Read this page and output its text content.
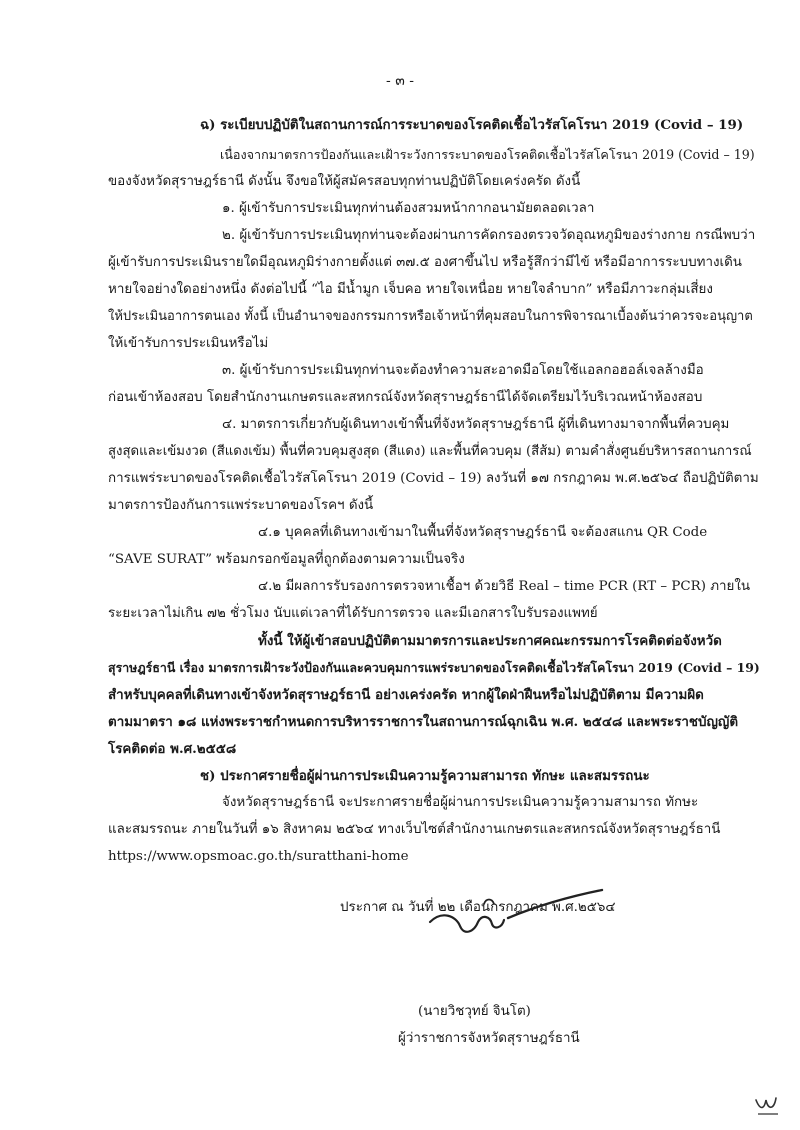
- ๓ -
ฉ) ระเบียบปฏิบัติในสถานการณ์การระบาดของโรคติดเชื้อไวรัสโคโรนา 2019 (Covid – 19)
เนื่องจากมาตรการป้องกันและเฝ้าระวังการระบาดของโรคติดเชื้อไวรัสโคโรนา 2019 (Covid – 19)
ของจังหวัดสุราษฎร์ธานี ดังนั้น จึงขอให้ผู้สมัครสอบทุกท่านปฏิบัติโดยเคร่งครัด ดังนี้
๑. ผู้เข้ารับการประเมินทุกท่านต้องสวมหน้ากากอนามัยตลอดเวลา
๒. ผู้เข้ารับการประเมินทุกท่านจะต้องผ่านการคัดกรองตรวจวัดอุณหภูมิของร่างกาย กรณีพบว่า
ผู้เข้ารับการประเมินรายใดมีอุณหภูมิร่างกายตั้งแต่ ๓๗.๕ องศาขึ้นไป หรือรู้สึกว่ามีไข้ หรือมีอาการระบบทางเดิน
หายใจอย่างใดอย่างหนึ่ง ดังต่อไปนี้ “ไอ มีน้ำมูก เจ็บคอ หายใจเหนื่อย หายใจลำบาก” หรือมีภาวะกลุ่มเสี่ยง
ให้ประเมินอาการตนเอง ทั้งนี้ เป็นอำนาจของกรรมการหรือเจ้าหน้าที่คุมสอบในการพิจารณาเบื้องต้นว่าควรจะอนุญาต
ให้เข้ารับการประเมินหรือไม่
๓. ผู้เข้ารับการประเมินทุกท่านจะต้องทำความสะอาดมือโดยใช้แอลกอฮอล์เจลล้างมือ
ก่อนเข้าห้องสอบ โดยสำนักงานเกษตรและสหกรณ์จังหวัดสุราษฎร์ธานีได้จัดเตรียมไว้บริเวณหน้าห้องสอบ
๔. มาตรการเกี่ยวกับผู้เดินทางเข้าพื้นที่จังหวัดสุราษฎร์ธานี ผู้ที่เดินทางมาจากพื้นที่ควบคุม
สูงสุดและเข้มงวด (สีแดงเข้ม) พื้นที่ควบคุมสูงสุด (สีแดง) และพื้นที่ควบคุม (สีส้ม) ตามคำสั่งศูนย์บริหารสถานการณ์
การแพร่ระบาดของโรคติดเชื้อไวรัสโคโรนา 2019 (Covid – 19) ลงวันที่ ๑๗ กรกฎาคม พ.ศ.๒๕๖๔ ถือปฏิบัติตาม
มาตรการป้องกันการแพร่ระบาดของโรคฯ ดังนี้
๔.๑ บุคคลที่เดินทางเข้ามาในพื้นที่จังหวัดสุราษฎร์ธานี จะต้องสแกน QR Code
“SAVE SURAT” พร้อมกรอกข้อมูลที่ถูกต้องตามความเป็นจริง
๔.๒ มีผลการรับรองการตรวจหาเชื้อฯ ด้วยวิธี Real – time PCR (RT – PCR) ภายใน
ระยะเวลาไม่เกิน ๗๒ ชั่วโมง นับแต่เวลาที่ได้รับการตรวจ และมีเอกสารใบรับรองแพทย์
ทั้งนี้ ให้ผู้เข้าสอบปฏิบัติตามมาตรการและประกาศคณะกรรมการโรคติดต่อจังหวัด
สุราษฎร์ธานี เรื่อง มาตรการเฝ้าระวังป้องกันและควบคุมการแพร่ระบาดของโรคติดเชื้อไวรัสโคโรนา 2019 (Covid – 19)
สำหรับบุคคลที่เดินทางเข้าจังหวัดสุราษฎร์ธานี อย่างเคร่งครัด หากผู้ใดฝ่าฝืนหรือไม่ปฏิบัติตาม มีความผิด
ตามมาตรา ๑๘ แห่งพระราชกำหนดการบริหารราชการในสถานการณ์ฉุกเฉิน พ.ศ. ๒๕๔๘ และพระราชบัญญัติ
โรคติดต่อ พ.ศ.๒๕๕๘
ช) ประกาศรายชื่อผู้ผ่านการประเมินความรู้ความสามารถ ทักษะ และสมรรถนะ
จังหวัดสุราษฎร์ธานี จะประกาศรายชื่อผู้ผ่านการประเมินความรู้ความสามารถ ทักษะ
และสมรรถนะ ภายในวันที่ ๑๖ สิงหาคม ๒๕๖๔ ทางเว็บไซต์สำนักงานเกษตรและสหกรณ์จังหวัดสุราษฎร์ธานี
https://www.opsmoac.go.th/suratthani-home
ประกาศ ณ วันที่ ๒๒ เดือนกรกฎาคม พ.ศ.๒๕๖๔
(นายวิชวุทย์ จินโต)
ผู้ว่าราชการจังหวัดสุราษฎร์ธานี
